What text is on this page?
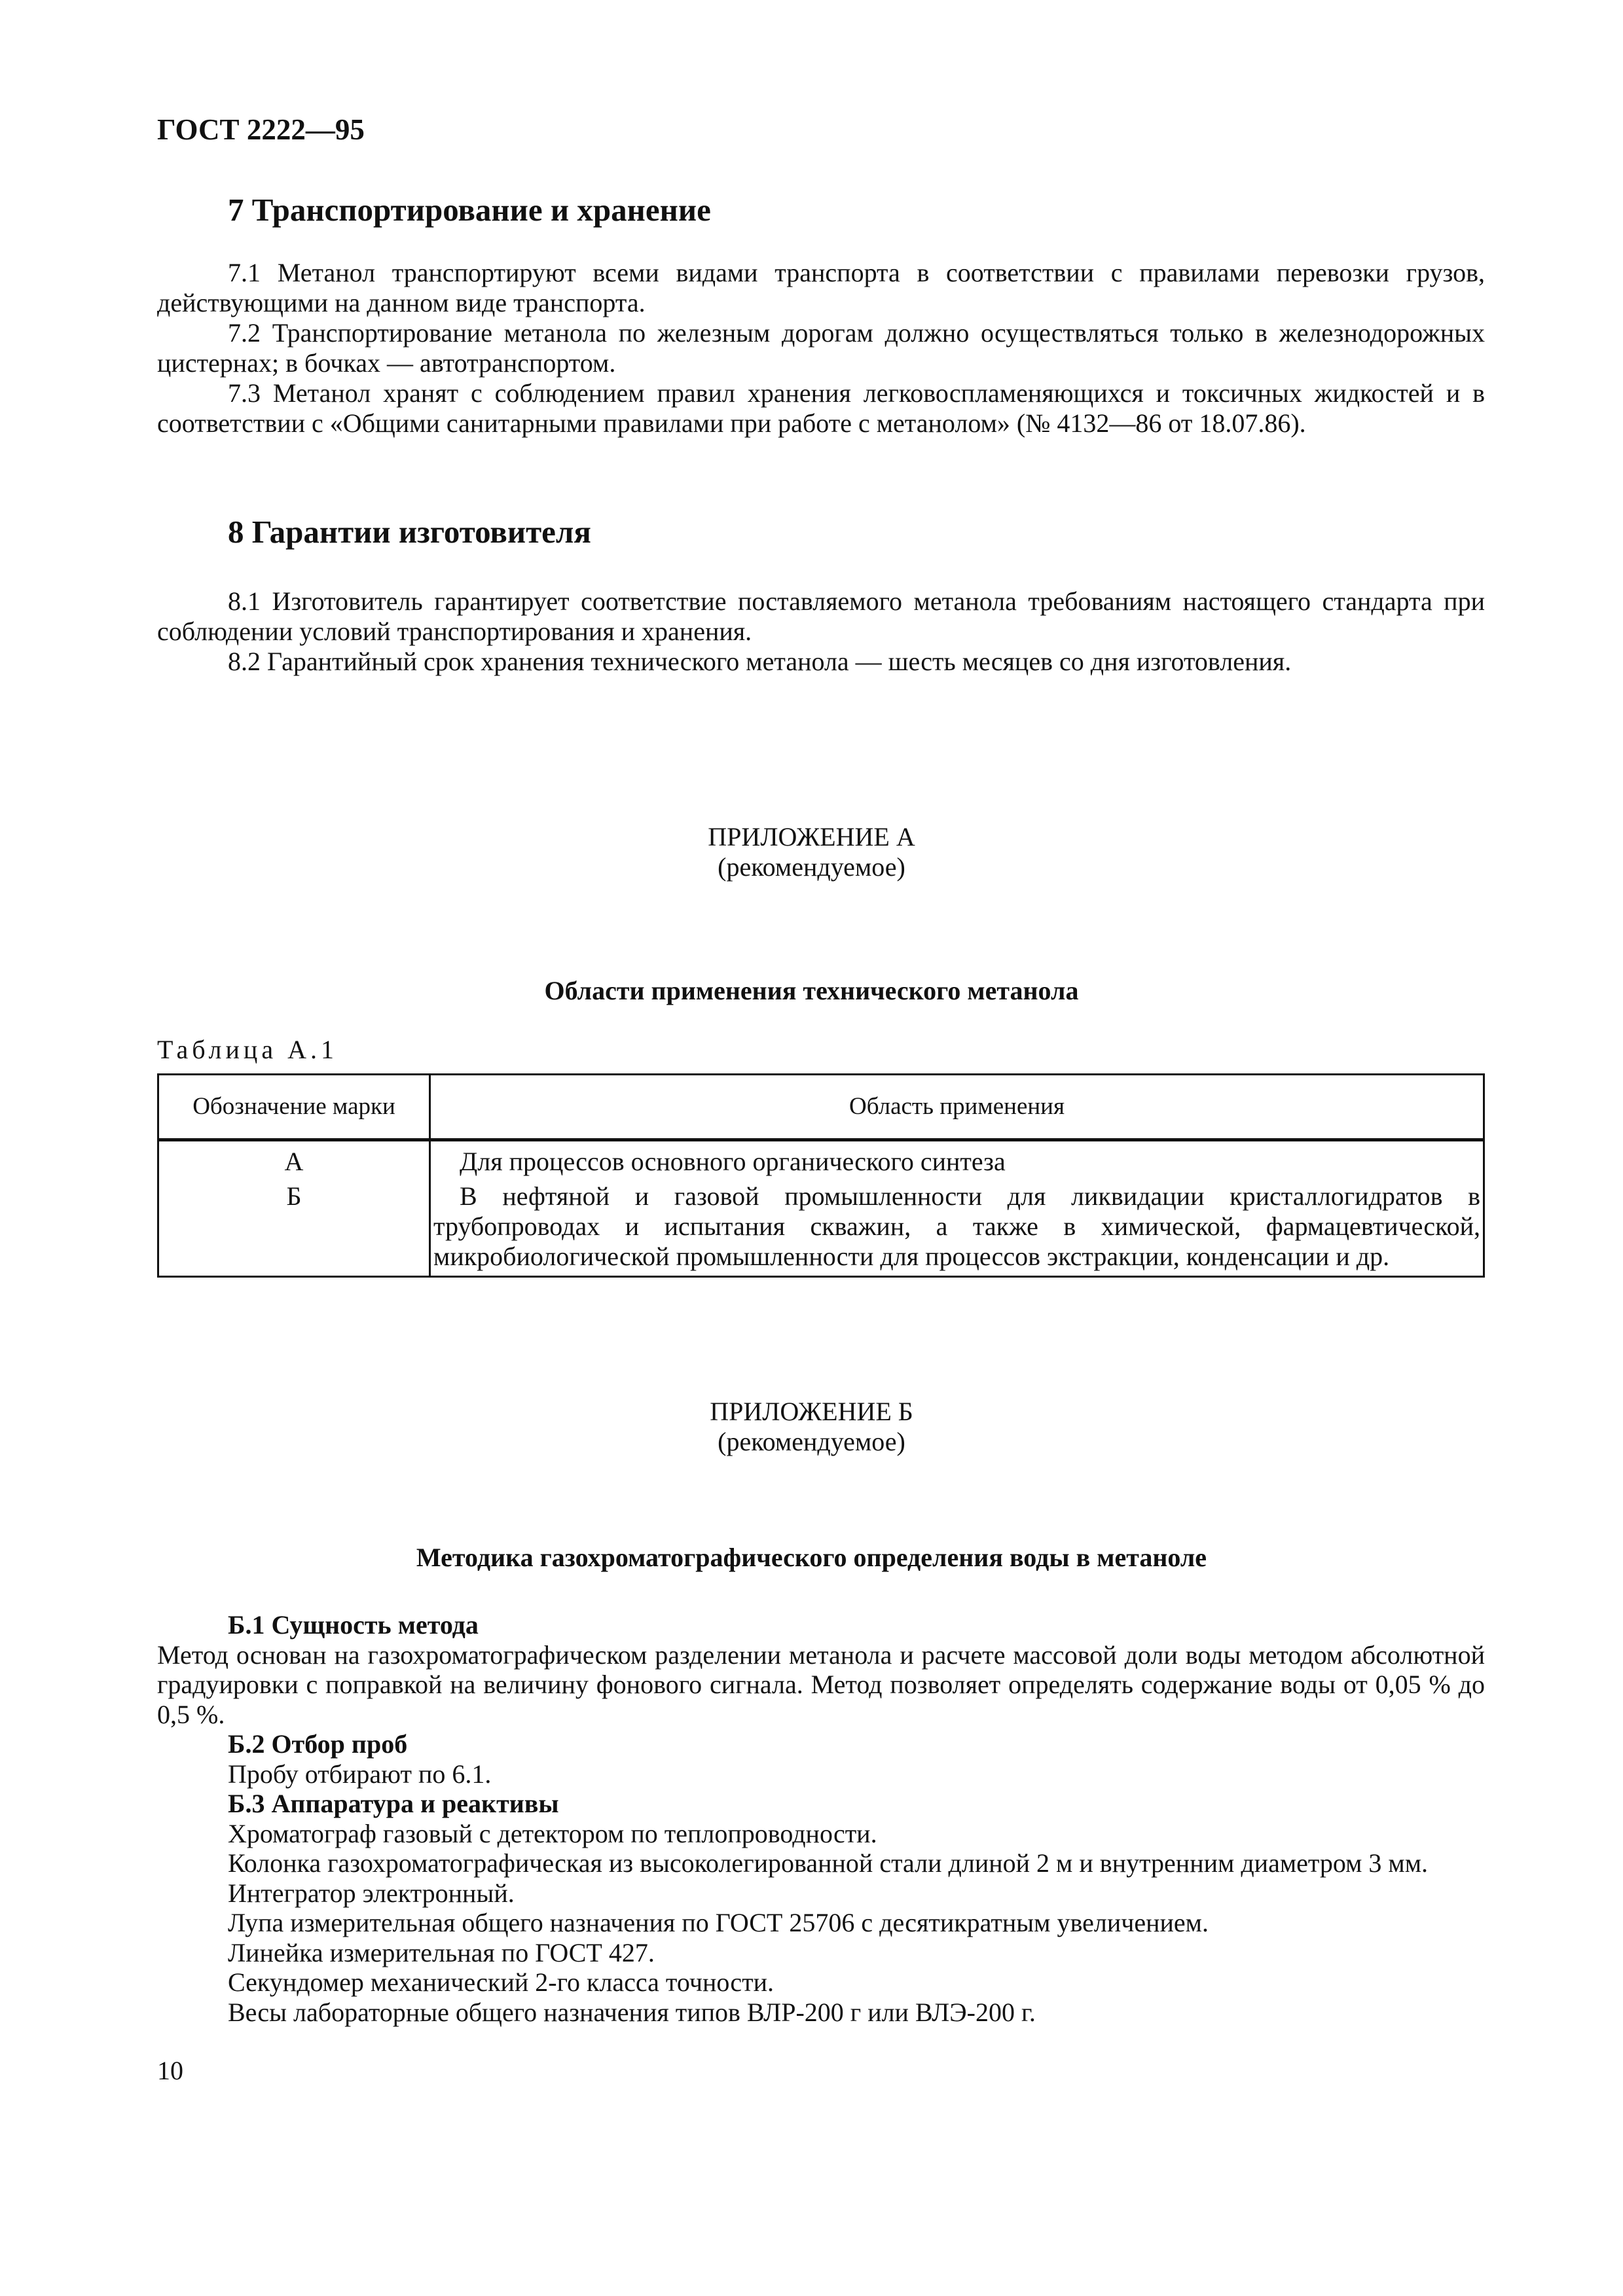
ГОСТ 2222—95
7 Транспортирование и хранение

7.1 Метанол транспортируют всеми видами транспорта в соответствии с правилами перевозки грузов, действующими на данном виде транспорта.

7.2 Транспортирование метанола по железным дорогам должно осуществляться только в железнодорожных цистернах; в бочках — автотранспортом.

7.3 Метанол хранят с соблюдением правил хранения легковоспламеняющихся и токсичных жидкостей и в соответствии с «Общими санитарными правилами при работе с метанолом» (№ 4132—86 от 18.07.86).

8 Гарантии изготовителя

8.1 Изготовитель гарантирует соответствие поставляемого метанола требованиям настоящего стандарта при соблюдении условий транспортирования и хранения.

8.2 Гарантийный срок хранения технического метанола — шесть месяцев со дня изготовления.

ПРИЛОЖЕНИЕ А
(рекомендуемое)
Области применения технического метанола
Таблица А.1
Обозначение марки	Область применения
А	Для процессов основного органического синтеза

Б	В нефтяной и газовой промышленности для ликвидации кристаллогидратов в трубопроводах и испытания скважин, а также в химической, фармацевтической, микробиологической промышленности для процессов экстракции, конденсации и др.
ПРИЛОЖЕНИЕ Б
(рекомендуемое)
Методика газохроматографического определения воды в метаноле

Б.1 Сущность метода

Метод основан на газохроматографическом разделении метанола и расчете массовой доли воды методом абсолютной градуировки с поправкой на величину фонового сигнала. Метод позволяет определять содержание воды от 0,05 % до 0,5 %.

Б.2 Отбор проб

Пробу отбирают по 6.1.

Б.3 Аппаратура и реактивы

Хроматограф газовый с детектором по теплопроводности.

Колонка газохроматографическая из высоколегированной стали длиной 2 м и внутренним диаметром 3 мм.

Интегратор электронный.

Лупа измерительная общего назначения по ГОСТ 25706 с десятикратным увеличением.

Линейка измерительная по ГОСТ 427.

Секундомер механический 2-го класса точности.

Весы лабораторные общего назначения типов ВЛР-200 г или ВЛЭ-200 г.

10
